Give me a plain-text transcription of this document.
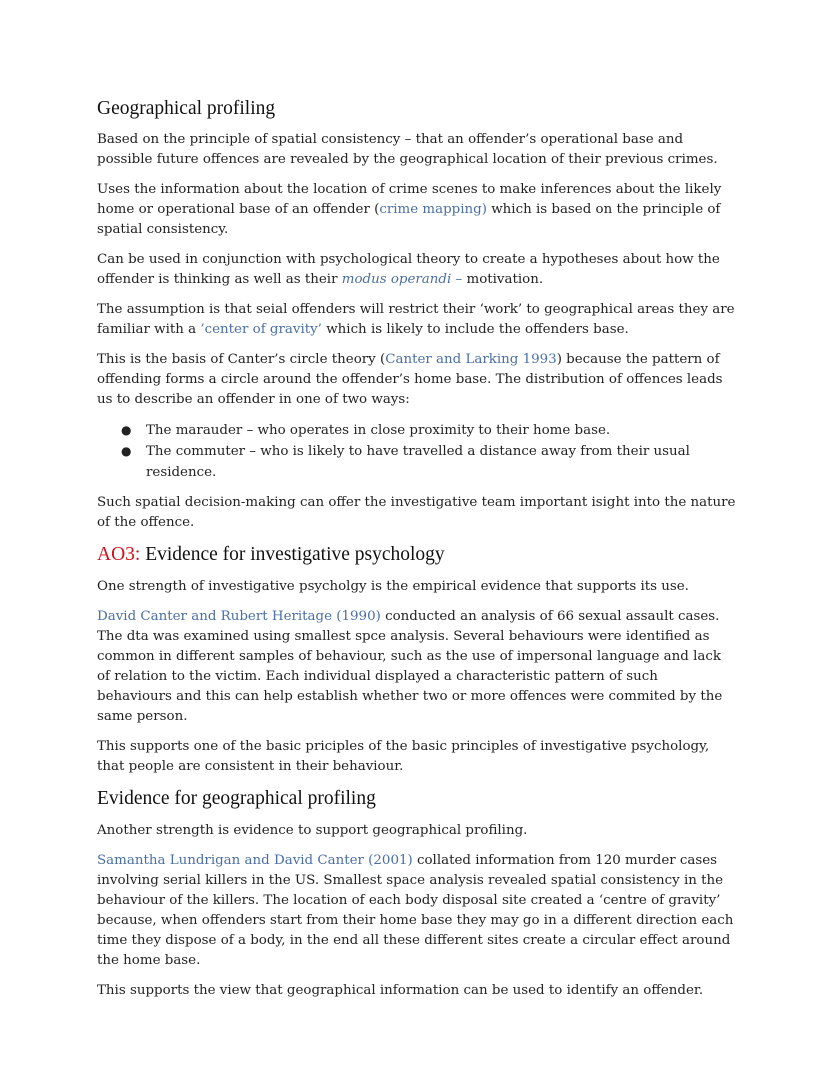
Geographical profiling

Based on the principle of spatial consistency – that an offender’s operational base and possible future offences are revealed by the geographical location of their previous crimes.

Uses the information about the location of crime scenes to make inferences about the likely home or operational base of an offender (crime mapping) which is based on the principle of spatial consistency.

Can be used in conjunction with psychological theory to create a hypotheses about how the offender is thinking as well as their modus operandi – motivation.

The assumption is that seial offenders will restrict their ‘work’ to geographical areas they are familiar with a ’center of gravity’ which is likely to include the offenders base.

This is the basis of Canter’s circle theory (Canter and Larking 1993) because the pattern of offending forms a circle around the offender’s home base. The distribution of offences leads us to describe an offender in one of two ways:

● The marauder – who operates in close proximity to their home base.
● The commuter – who is likely to have travelled a distance away from their usual residence.

Such spatial decision-making can offer the investigative team important isight into the nature of the offence.

AO3: Evidence for investigative psychology

One strength of investigative psycholgy is the empirical evidence that supports its use.

David Canter and Rubert Heritage (1990) conducted an analysis of 66 sexual assault cases. The dta was examined using smallest spce analysis. Several behaviours were identified as common in different samples of behaviour, such as the use of impersonal language and lack of relation to the victim. Each individual displayed a characteristic pattern of such behaviours and this can help establish whether two or more offences were commited by the same person.

This supports one of the basic priciples of the basic principles of investigative psychology, that people are consistent in their behaviour.

Evidence for geographical profiling

Another strength is evidence to support geographical profiling.

Samantha Lundrigan and David Canter (2001) collated information from 120 murder cases involving serial killers in the US. Smallest space analysis revealed spatial consistency in the behaviour of the killers. The location of each body disposal site created a ‘centre of gravity’ because, when offenders start from their home base they may go in a different direction each time they dispose of a body, in the end all these different sites create a circular effect around the home base.

This supports the view that geographical information can be used to identify an offender.
